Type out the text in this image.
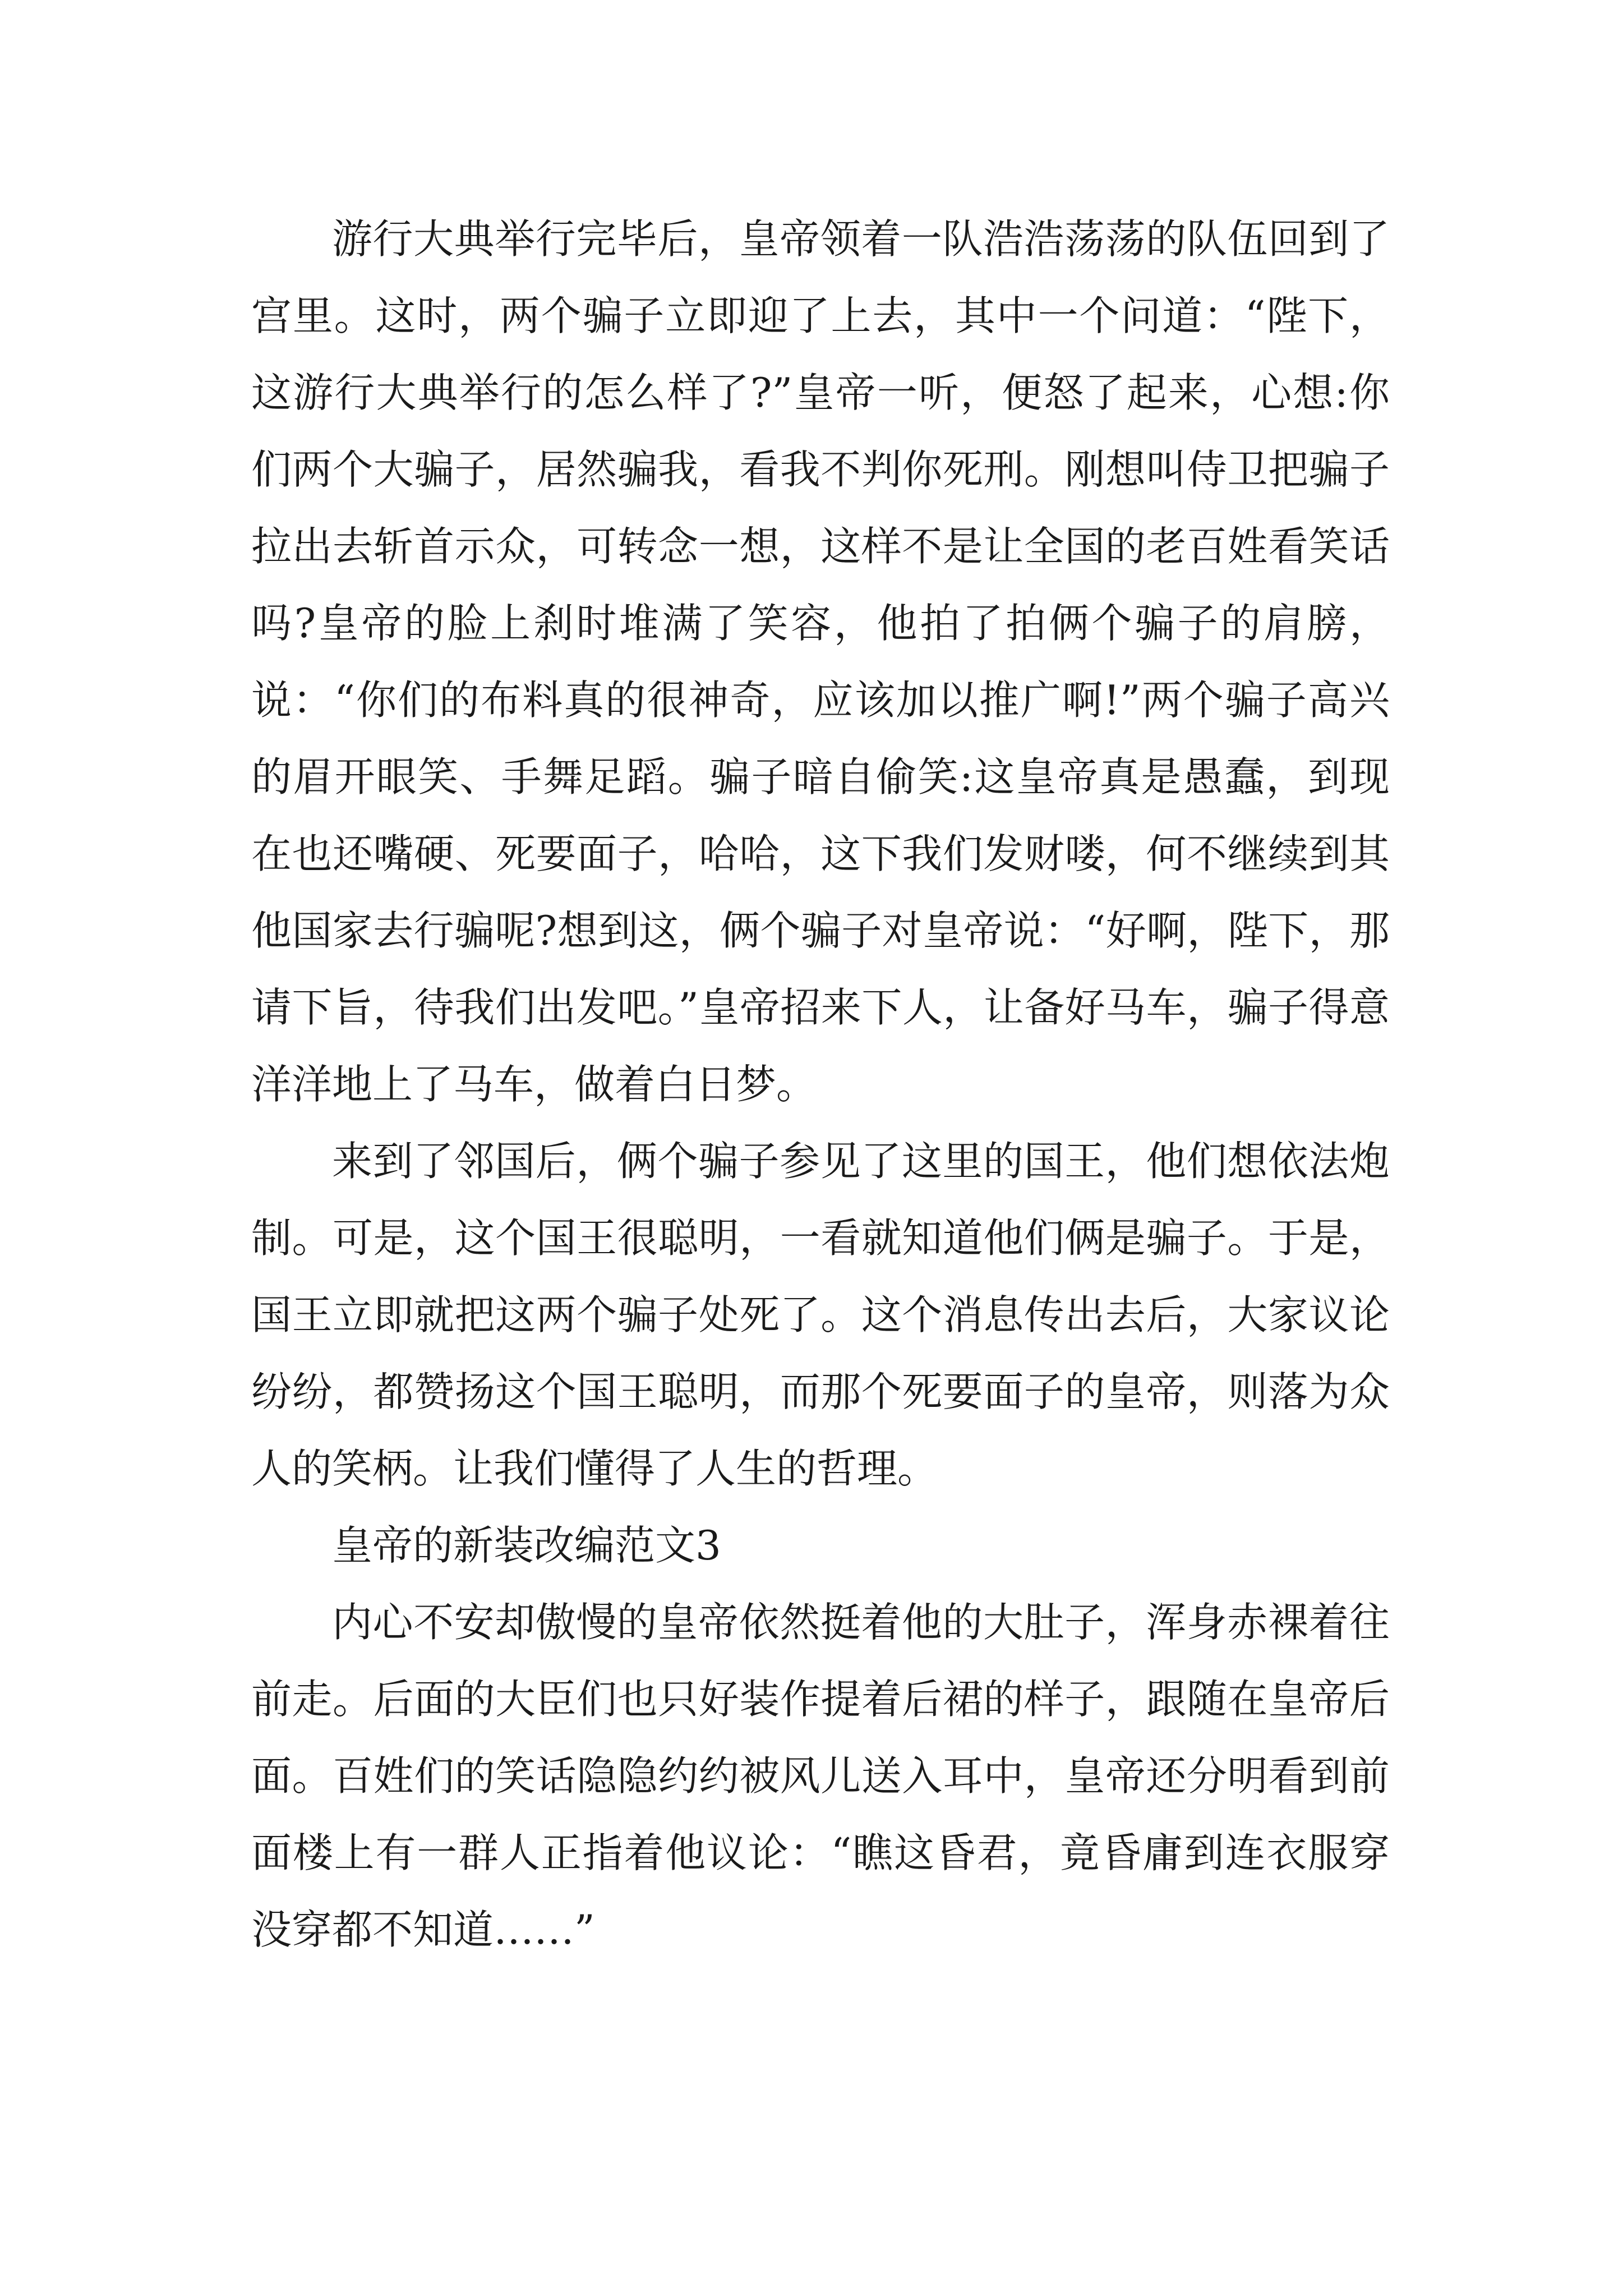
游行大典举行完毕后，皇帝领着一队浩浩荡荡的队伍回到了宫里。这时，两个骗子立即迎了上去，其中一个问道：“陛下，这游行大典举行的怎么样了?”皇帝一听，便怒了起来，心想:你们两个大骗子，居然骗我，看我不判你死刑。刚想叫侍卫把骗子拉出去斩首示众，可转念一想，这样不是让全国的老百姓看笑话吗?皇帝的脸上刹时堆满了笑容，他拍了拍俩个骗子的肩膀，说：“你们的布料真的很神奇，应该加以推广啊!”两个骗子高兴的眉开眼笑、手舞足蹈。骗子暗自偷笑:这皇帝真是愚蠢，到现在也还嘴硬、死要面子，哈哈，这下我们发财喽，何不继续到其他国家去行骗呢?想到这，俩个骗子对皇帝说：“好啊，陛下，那请下旨，待我们出发吧。”皇帝招来下人，让备好马车，骗子得意洋洋地上了马车，做着白日梦。

来到了邻国后，俩个骗子参见了这里的国王，他们想依法炮制。可是，这个国王很聪明，一看就知道他们俩是骗子。于是，国王立即就把这两个骗子处死了。这个消息传出去后，大家议论纷纷，都赞扬这个国王聪明，而那个死要面子的皇帝，则落为众人的笑柄。让我们懂得了人生的哲理。

皇帝的新装改编范文3

内心不安却傲慢的皇帝依然挺着他的大肚子，浑身赤裸着往前走。后面的大臣们也只好装作提着后裙的样子，跟随在皇帝后面。百姓们的笑话隐隐约约被风儿送入耳中，皇帝还分明看到前面楼上有一群人正指着他议论：“瞧这昏君，竟昏庸到连衣服穿没穿都不知道……”
